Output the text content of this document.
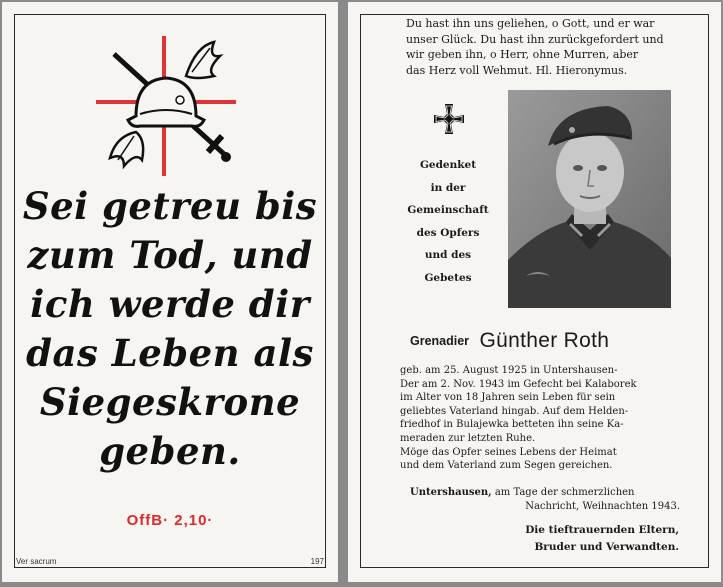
Sei getreu bis
zum Tod, und
ich werde dir
das Leben als
Siegeskrone
geben.
OffB· 2,10·
Ver sacrum	197
Du hast ihn uns geliehen, o Gott, und er war
unser Glück. Du hast ihn zurückgefordert und
wir geben ihn, o Herr, ohne Murren, aber
das Herz voll Wehmut. Hl. Hieronymus.
Gedenket
in der
Gemeinschaft
des Opfers
und des
Gebetes
Grenadier Günther Roth
geb. am 25. August 1925 in Untershausen-
Der am 2. Nov. 1943 im Gefecht bei Kalaborek
im Alter von 18 Jahren sein Leben für sein
geliebtes Vaterland hingab. Auf dem Helden-
friedhof in Bulajewka betteten ihn seine Ka-
meraden zur letzten Ruhe.
Möge das Opfer seines Lebens der Heimat
und dem Vaterland zum Segen gereichen.
Untershausen, am Tage der schmerzlichen
Nachricht, Weihnachten 1943.
Die tieftrauernden Eltern,
Bruder und Verwandten.
